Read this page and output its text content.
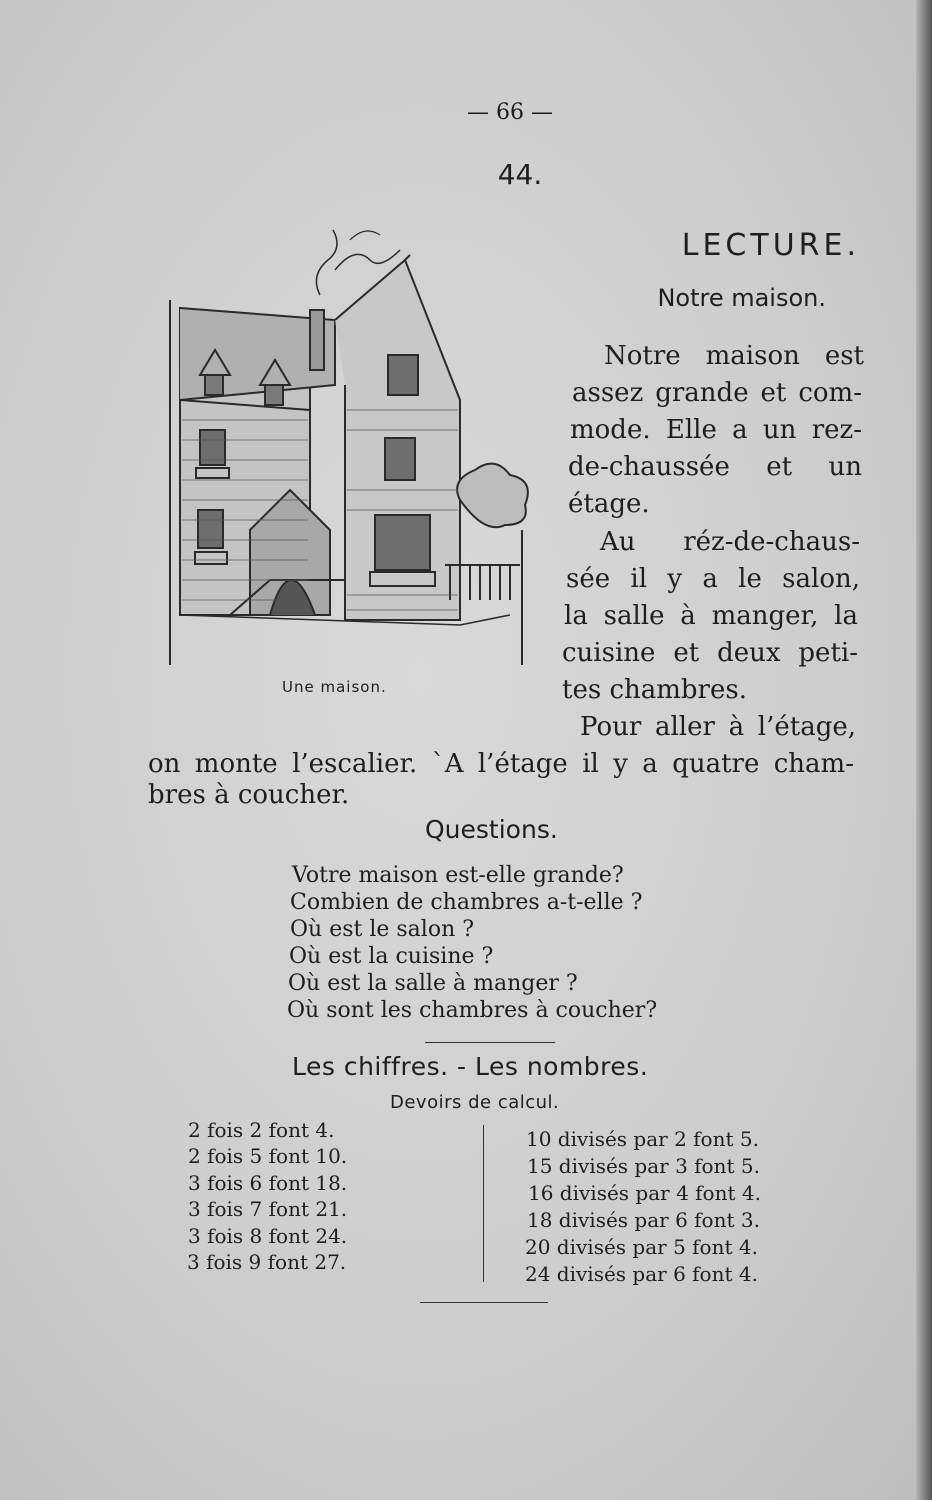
— 66 —
44.
LECTURE.
Notre maison.
Une maison.
Notre maison est
assez grande et com-
mode. Elle a un rez-
de-chaussée et un
étage.
Au réz-de-chaus-
sée il y a le salon,
la salle à manger, la
cuisine et deux peti-
tes chambres.
Pour aller à l’étage,
on monte l’escalier. `A l’étage il y a quatre cham-
bres à coucher.
Questions.
Votre maison est-elle grande?
Combien de chambres a-t-elle ?
Où est le salon ?
Où est la cuisine ?
Où est la salle à manger ?
Où sont les chambres à coucher?
Les chiffres. - Les nombres.
Devoirs de calcul.
2 fois 2 font 4.
2 fois 5 font 10.
3 fois 6 font 18.
3 fois 7 font 21.
3 fois 8 font 24.
3 fois 9 font 27.
10 divisés par 2 font 5.
15 divisés par 3 font 5.
16 divisés par 4 font 4.
18 divisés par 6 font 3.
20 divisés par 5 font 4.
24 divisés par 6 font 4.
